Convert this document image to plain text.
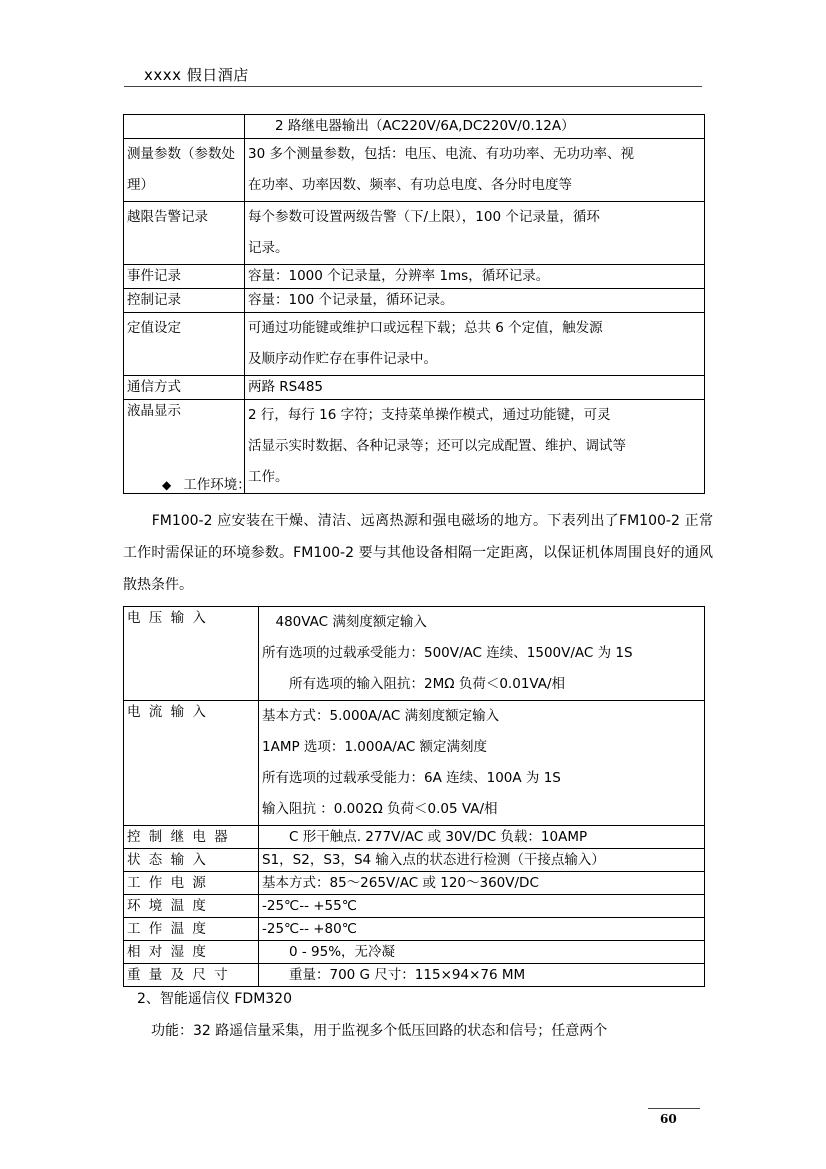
xxxx 假日酒店

	　　2 路继电器输出（AC220V/6A,DC220V/0.12A）

测量参数（参数处理）	30 多个测量参数，包括：电压、电流、有功功率、无功功率、视
在功率、功率因数、频率、有功总电度、各分时电度等

越限告警记录	每个参数可设置两级告警（下/上限），100 个记录量，循环
记录。

事件记录	容量：1000 个记录量，分辨率 1ms，循环记录。

控制记录	容量：100 个记录量，循环记录。

定值设定	可通过功能键或维护口或远程下载；总共 6 个定值，触发源
及顺序动作贮存在事件记录中。

通信方式	两路 RS485

液晶显示	2 行，每行 16 字符；支持菜单操作模式，通过功能键，可灵
活显示实时数据、各种记录等；还可以完成配置、维护、调试等
工作。
◆ 工作环境：
　　FM100-2 应安装在干燥、清洁、远离热源和强电磁场的地方。下表列出了FM100-2 正常工作时需保证的环境参数。FM100-2 要与其他设备相隔一定距离，以保证机体周围良好的通风散热条件。
电 压 输 入	　480VAC 满刻度额定输入
所有选项的过载承受能力：500V/AC 连续、1500V/AC 为 1S
　　所有选项的输入阻抗：2MΩ 负荷＜0.01VA/相

电 流 输 入	基本方式：5.000A/AC 满刻度额定输入
1AMP 选项：1.000A/AC 额定满刻度
所有选项的过载承受能力：6A 连续、100A 为 1S
输入阻抗 ：0.002Ω 负荷＜0.05 VA/相

控 制 继 电 器	　　C 形干触点. 277V/AC 或 30V/DC 负载：10AMP

状 态 输 入	S1，S2，S3，S4 输入点的状态进行检测（干接点输入）

工 作 电 源	基本方式：85～265V/AC 或 120～360V/DC

环 境 温 度	-25℃-- +55℃

工 作 温 度	-25℃-- +80℃

相 对 湿 度	　　0 - 95%，无冷凝

重 量 及 尺 寸	　　重量：700 G 尺寸：115×94×76 MM
　2、智能遥信仪 FDM320
　　功能：32 路遥信量采集，用于监视多个低压回路的状态和信号；任意两个
60
